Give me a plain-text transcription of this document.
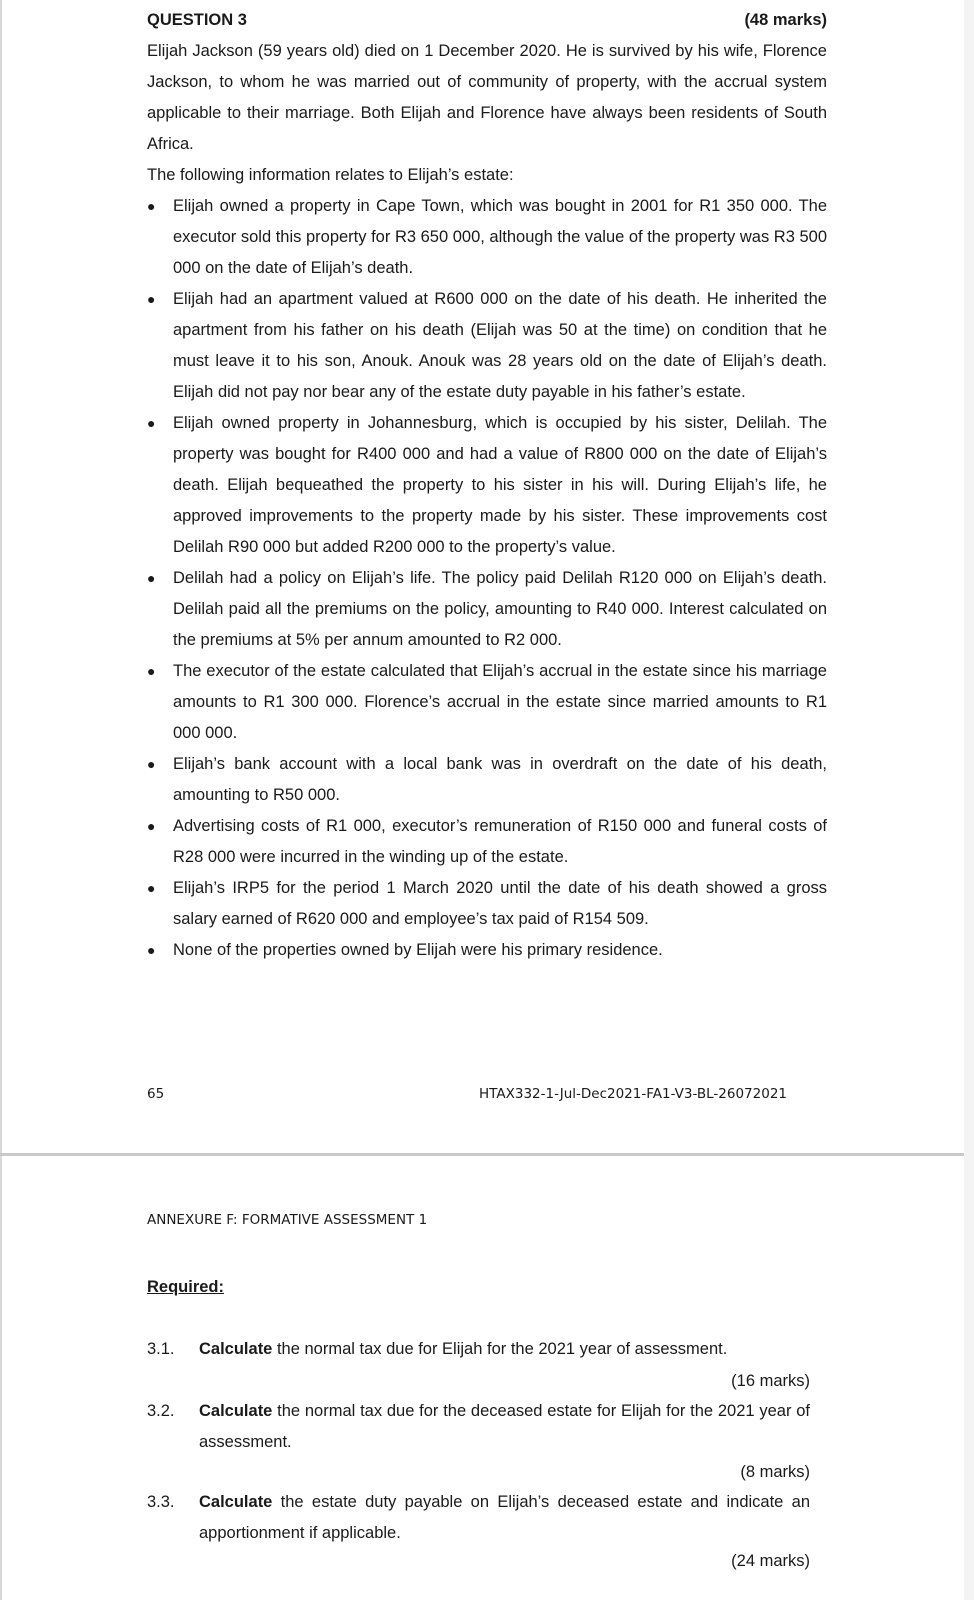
QUESTION 3	(48 marks)

Elijah Jackson (59 years old) died on 1 December 2020. He is survived by his wife, Florence Jackson, to whom he was married out of community of property, with the accrual system applicable to their marriage. Both Elijah and Florence have always been residents of South Africa.

The following information relates to Elijah’s estate:

● Elijah owned a property in Cape Town, which was bought in 2001 for R1 350 000. The executor sold this property for R3 650 000, although the value of the property was R3 500 000 on the date of Elijah’s death.
● Elijah had an apartment valued at R600 000 on the date of his death. He inherited the apartment from his father on his death (Elijah was 50 at the time) on condition that he must leave it to his son, Anouk. Anouk was 28 years old on the date of Elijah’s death. Elijah did not pay nor bear any of the estate duty payable in his father’s estate.
● Elijah owned property in Johannesburg, which is occupied by his sister, Delilah. The property was bought for R400 000 and had a value of R800 000 on the date of Elijah’s death. Elijah bequeathed the property to his sister in his will. During Elijah’s life, he approved improvements to the property made by his sister. These improvements cost Delilah R90 000 but added R200 000 to the property’s value.
● Delilah had a policy on Elijah’s life. The policy paid Delilah R120 000 on Elijah’s death. Delilah paid all the premiums on the policy, amounting to R40 000. Interest calculated on the premiums at 5% per annum amounted to R2 000.
● The executor of the estate calculated that Elijah’s accrual in the estate since his marriage amounts to R1 300 000. Florence’s accrual in the estate since married amounts to R1 000 000.
● Elijah’s bank account with a local bank was in overdraft on the date of his death, amounting to R50 000.
● Advertising costs of R1 000, executor’s remuneration of R150 000 and funeral costs of R28 000 were incurred in the winding up of the estate.
● Elijah’s IRP5 for the period 1 March 2020 until the date of his death showed a gross salary earned of R620 000 and employee’s tax paid of R154 509.
● None of the properties owned by Elijah were his primary residence.
65	HTAX332-1-Jul-Dec2021-FA1-V3-BL-26072021
ANNEXURE F: FORMATIVE ASSESSMENT 1
Required:
3.1. Calculate the normal tax due for Elijah for the 2021 year of assessment.
(16 marks)
3.2. Calculate the normal tax due for the deceased estate for Elijah for the 2021 year of assessment.
(8 marks)
3.3. Calculate the estate duty payable on Elijah’s deceased estate and indicate an apportionment if applicable.
(24 marks)
